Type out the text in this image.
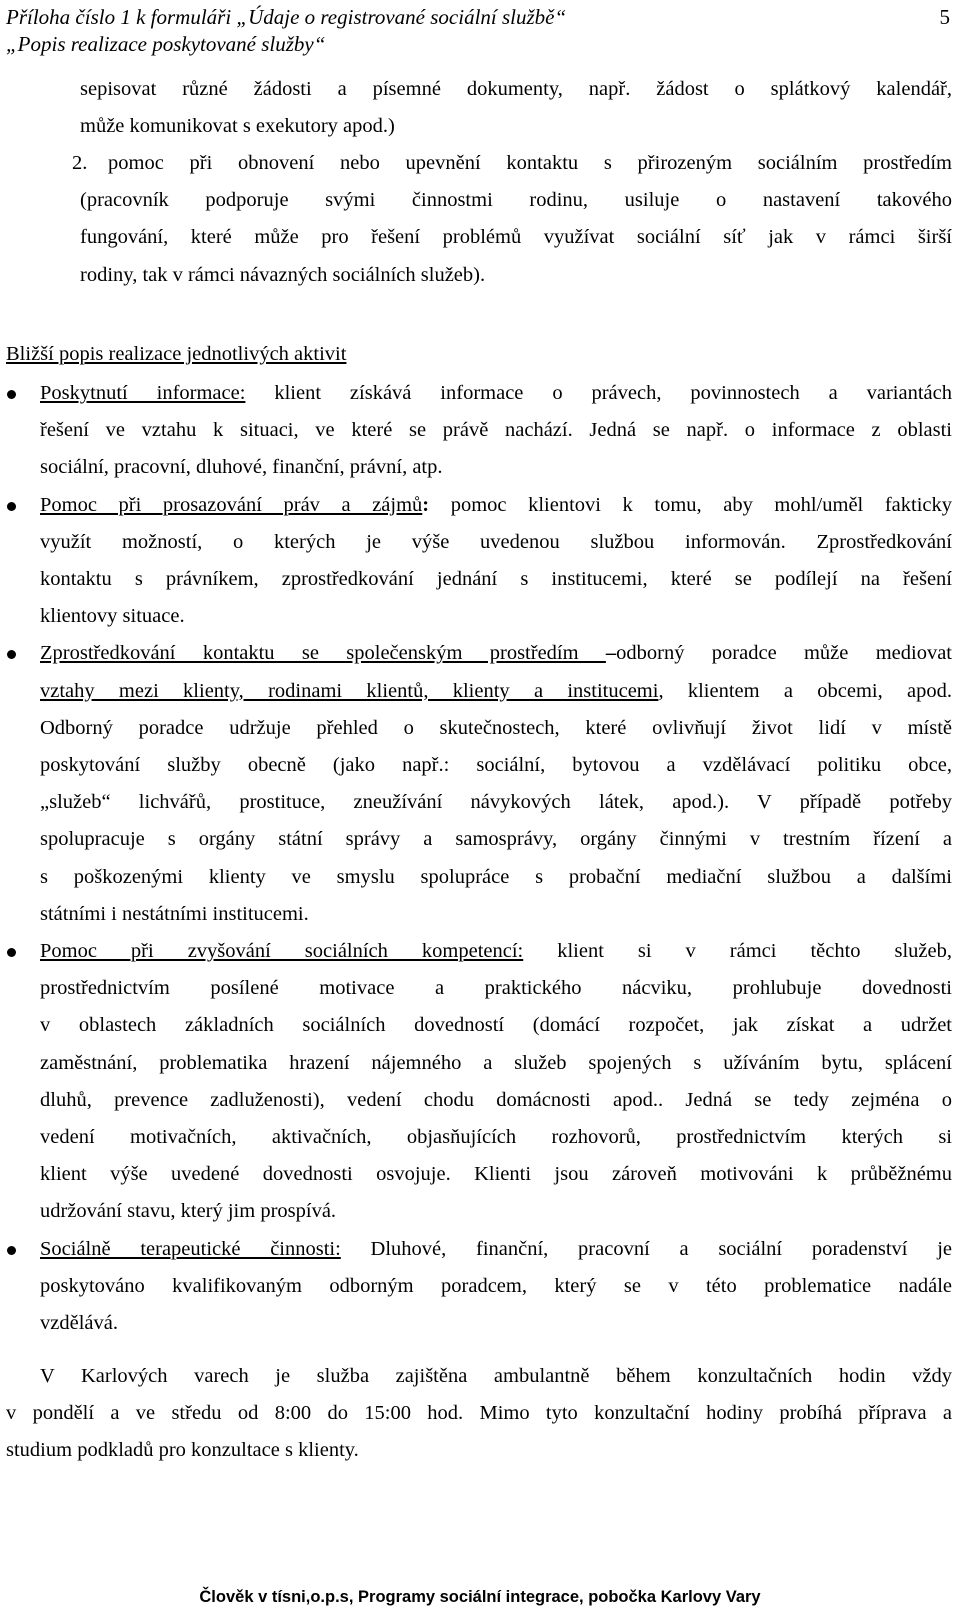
Příloha číslo 1 k formuláři „Údaje o registrované sociální službě“
„Popis realizace poskytované služby“
5
sepisovat různé žádosti a písemné dokumenty, např. žádost o splátkový kalendář,
může komunikovat s exekutory apod.)
2.	pomoc při obnovení nebo upevnění kontaktu s přirozeným sociálním prostředím
(pracovník podporuje svými činnostmi rodinu, usiluje o nastavení takového
fungování, které může pro řešení problémů využívat sociální síť jak v rámci širší
rodiny, tak v rámci návazných sociálních služeb).
Bližší popis realizace jednotlivých aktivit
Poskytnutí informace: klient získává informace o právech, povinnostech a variantách
řešení ve vztahu k situaci, ve které se právě nachází. Jedná se např. o informace z oblasti
sociální, pracovní, dluhové, finanční, právní, atp.
Pomoc při prosazování práv a zájmů: pomoc klientovi k tomu, aby mohl/uměl fakticky
využít možností, o kterých je výše uvedenou službou informován. Zprostředkování
kontaktu s právníkem, zprostředkování jednání s institucemi, které se podílejí na řešení
klientovy situace.
Zprostředkování kontaktu se společenským prostředím –odborný poradce může mediovat
vztahy mezi klienty, rodinami klientů, klienty a institucemi, klientem a obcemi, apod.
Odborný poradce udržuje přehled o skutečnostech, které ovlivňují život lidí v místě
poskytování služby obecně (jako např.: sociální, bytovou a vzdělávací politiku obce,
„služeb“ lichvářů, prostituce, zneužívání návykových látek, apod.). V případě potřeby
spolupracuje s orgány státní správy a samosprávy, orgány činnými v trestním řízení a
s poškozenými klienty ve smyslu spolupráce s probační mediační službou a dalšími
státními i nestátními institucemi.
Pomoc při zvyšování sociálních kompetencí: klient si v rámci těchto služeb,
prostřednictvím posílené motivace a praktického nácviku, prohlubuje dovednosti
v oblastech základních sociálních dovedností (domácí rozpočet, jak získat a udržet
zaměstnání, problematika hrazení nájemného a služeb spojených s užíváním bytu, splácení
dluhů, prevence zadluženosti), vedení chodu domácnosti apod.. Jedná se tedy zejména o
vedení motivačních, aktivačních, objasňujících rozhovorů, prostřednictvím kterých si
klient výše uvedené dovednosti osvojuje. Klienti jsou zároveň motivováni k průběžnému
udržování stavu, který jim prospívá.
Sociálně terapeutické činnosti: Dluhové, finanční, pracovní a sociální poradenství je
poskytováno kvalifikovaným odborným poradcem, který se v této problematice nadále
vzdělává.
V Karlových varech je služba zajištěna ambulantně během konzultačních hodin vždy
v pondělí a ve středu od 8:00 do 15:00 hod. Mimo tyto konzultační hodiny probíhá příprava a
studium podkladů pro konzultace s klienty.
Člověk v tísni,o.p.s, Programy sociální integrace, pobočka Karlovy Vary
